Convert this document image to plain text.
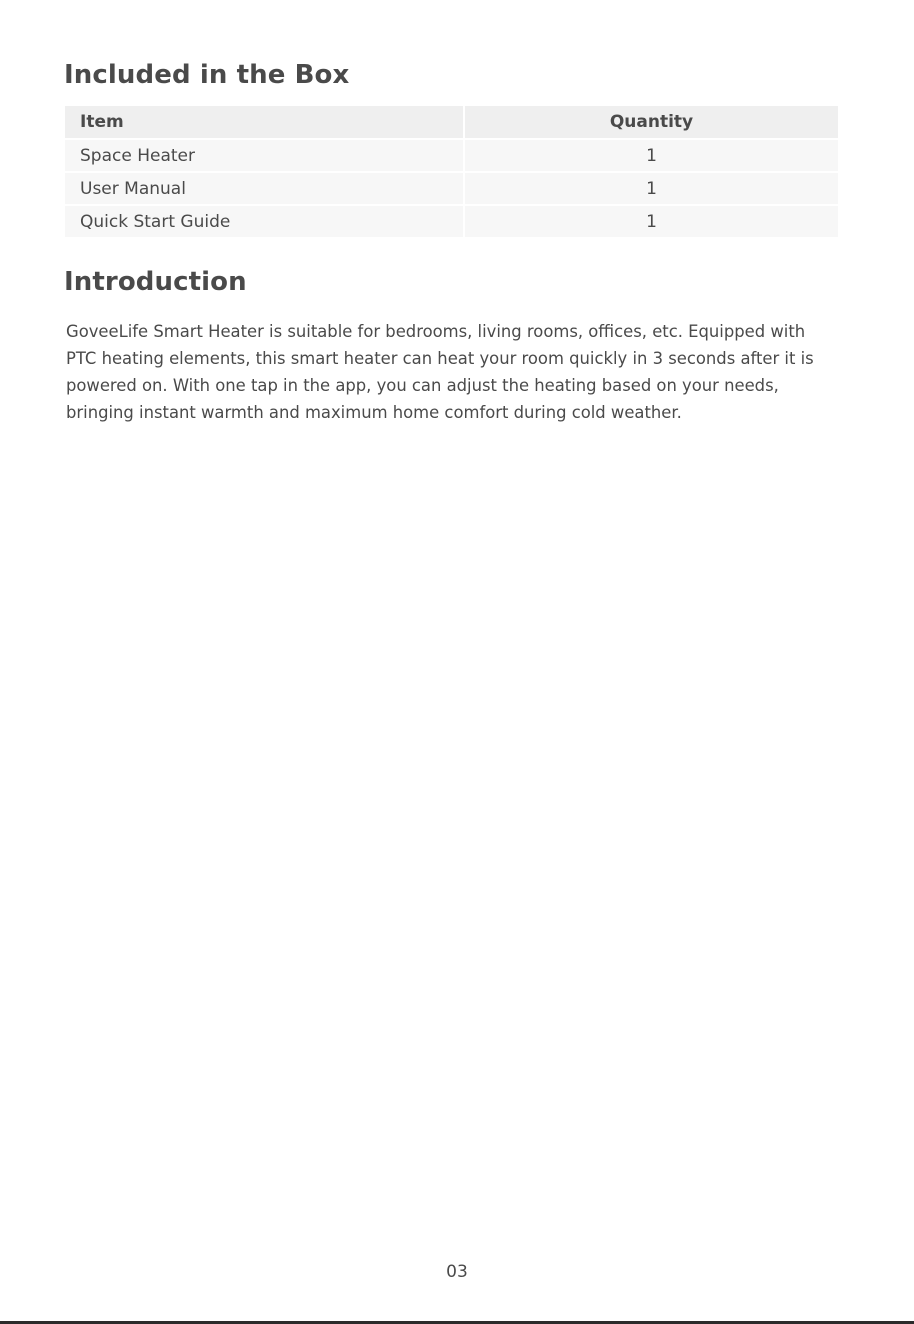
Included in the Box
Item	Quantity
Space Heater	1
User Manual	1
Quick Start Guide	1
Introduction

GoveeLife Smart Heater is suitable for bedrooms, living rooms, offices, etc. Equipped with PTC heating elements, this smart heater can heat your room quickly in 3 seconds after it is powered on. With one tap in the app, you can adjust the heating based on your needs, bringing instant warmth and maximum home comfort during cold weather.

03
